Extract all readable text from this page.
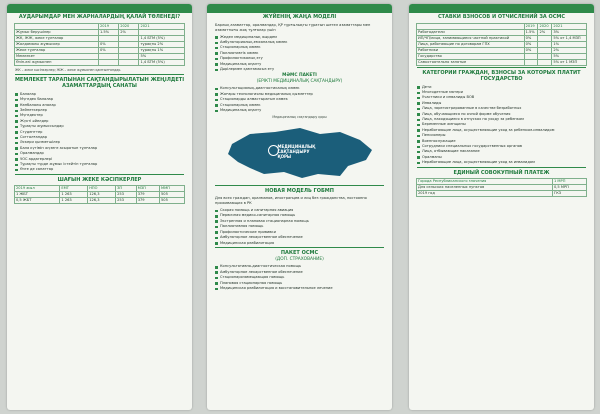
АУДАРЫМДАР МЕН ЖАРНАЛАРДЫҢ ҚАЛАЙ ТӨЛЕНЕДІ?
	2019	2020	2021
Жұмыс берушілер	1.5%	2%	
ЖК, ЖЖ, жеке тұлғалар			1,4 БТМ (5%)
Жалдамалы жұмыскер	0%		тұрақты 2%
Жеке тұлғалар	0%		тұрақты 1%
Мемлекет			5%
Өзін-өзі жұмыспен			1,4 БТМ (5%)
ЖК – жеке кәсіпкерлер; ЖЖ – жеке жұмыспен қамтылғандар.
МЕМЛЕКЕТ ТАРАПЫНАН САҚТАНДЫРЫЛАТЫН ЖЕҢІЛДЕТІ АЗАМАТТАРДЫҢ САНАТЫ
Балалар
Мүгедек балалар
Көпбалалы аналар
Зейнеткерлер
Мүгедектер
Жүкті әйелдер
Тұрақты жұмыссыздар
Студенттер
Сотталғандар
Әскери қызметшілер
Бала күтімін жүзеге асыратын тұлғалар
Оралмандар
ҰОС ардагерлері
Тұрақты түрде жұмыс істейтін тұлғалар
Өзге де санаттар
ШАҒЫН ЖЕКЕ КӘСІПКЕРЛЕР
2019 жыл	ЕМТ	НПО	ЗП	МЗП	ММП
1 ЖБТ	1 263	126,3	253	379	505
0,5 ЖБТ	1 263	126,3	253	379	505
ЖҮЙЕНІҢ ЖАҢА МОДЕЛІ
Барлық азаматтар, оралмандар, ҚР тұрғылықты тұратын шетел азаматтары мен азаматтығы жоқ тұлғалар үшін
Жедел медициналық жәрдем
Амбулаториялық-емханалық көмек
Стационарлық көмек
Паллиативтік көмек
Профилактикалық егу
Медициналық оңалту
Дәрілермен қамтамасыз ету
МӘМС ПАКЕТІ
(ЕРІКТІ МЕДИЦИНАЛЫҚ САҚТАНДЫРУ)
Консультациялық-диагностикалық көмек
Жоғары технологиялы медициналық қызметтер
Стационарды алмастыратын көмек
Стационарлық көмек
Медициналық оңалту
Медициналық сақтандыру қоры
МЕДИЦИНАЛЫҚ САҚТАНДЫРУ ҚОРЫ
НОВАЯ МОДЕЛЬ ГОБМП
Для всех граждан, оралманов, иностранцев и лиц без гражданства, постоянно проживающих в РК
Скорая помощь и санитарная авиация
Первичная медико-санитарная помощь
Экстренная и плановая стационарная помощь
Паллиативная помощь
Профилактические прививки
Амбулаторное лекарственное обеспечение
Медицинская реабилитация
ПАКЕТ ОСМС
(ДОП. СТРАХОВАНИЕ)
Консультативно-диагностическая помощь
Амбулаторное лекарственное обеспечение
Стационарозамещающая помощь
Плановая стационарная помощь
Медицинская реабилитация и восстановительное лечение
СТАВКИ ВЗНОСОВ И ОТЧИСЛЕНИЙ ЗА ОСМС
	2019	2020	2021
Работодатели	1.5%	2%	3%
ИП/ЧП/лица, занимающиеся частной практикой	0%		5% от 1,4 МЗП
Лица, работающие по договорам ГПХ	0%		1%
Работники	0%		2%
Государство			5%
Самостоятельно занятые			5% от 1 МЗП
КАТЕГОРИИ ГРАЖДАН, ВЗНОСЫ ЗА КОТОРЫХ ПЛАТИТ ГОСУДАРСТВО
Дети
Многодетные матери
Участники и инвалиды ВОВ
Инвалиды
Лица, зарегистрированные в качестве безработных
Лица, обучающиеся по очной форме обучения
Лица, находящиеся в отпусках по уходу за ребенком
Беременные женщины
Неработающие лица, осуществляющие уход за ребенком-инвалидом
Пенсионеры
Военнослужащие
Сотрудники специальных государственных органов
Лица, отбывающие наказание
Оралманы
Неработающие лица, осуществляющие уход за инвалидом
ЕДИНЫЙ СОВОКУПНЫЙ ПЛАТЕЖ
Города Республиканского значения	1 МРП
Для сельских населенных пунктов	0,5 МРП
2019 год	ГКЗ
